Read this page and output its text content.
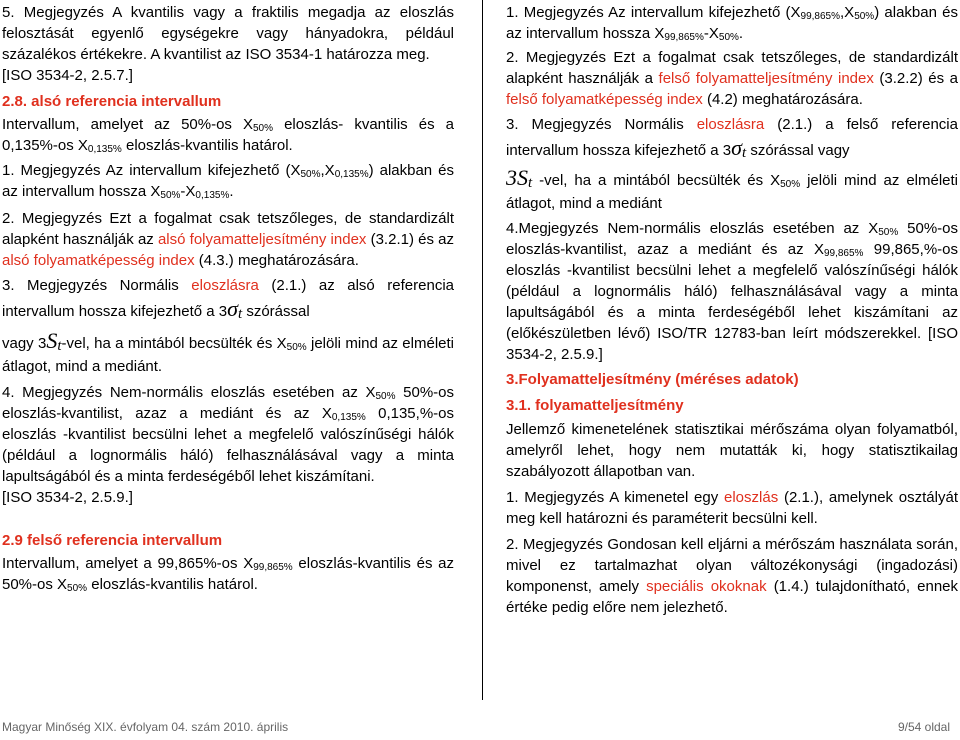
5. Megjegyzés A kvantilis vagy a fraktilis megadja az eloszlás felosztását egyenlő egységekre vagy hányadokra, például százalékos értékekre. A kvantilist az ISO 3534-1 határozza meg.

[ISO 3534-2, 2.5.7.]

2.8. alsó referencia intervallum

Intervallum, amelyet az 50%-os $X_{50\%}$ eloszlás- kvantilis és a 0,135%-os $X_{0,135\%}$ eloszlás-kvantilis határol.

1. Megjegyzés Az intervallum kifejezhető $(X_{50\%},X_{0,135\%})$ alakban és az intervallum hossza $X_{50\%}-X_{0,135\%}$.

2. Megjegyzés Ezt a fogalmat csak tetszőleges, de standardizált alapként használják az alsó folyamatteljesítmény index (3.2.1) és az alsó folyamatképesség index (4.3.) meghatározására.

3. Megjegyzés Normális eloszlásra (2.1.) az alsó referencia intervallum hossza kifejezhető a $3\sigma_t$ szórással

vagy $3S_t$-vel, ha a mintából becsülték és $X_{50\%}$ jelöli mind az elméleti átlagot, mind a mediánt.

4. Megjegyzés Nem-normális eloszlás esetében az $X_{50\%}$ 50%-os eloszlás-kvantilist, azaz a mediánt és az $X_{0,135\%}$ 0,135,%-os eloszlás -kvantilist becsülni lehet a megfelelő valószínűségi hálók (például a lognormális háló) felhasználásával vagy a minta lapultságából és a minta ferdeségéből lehet kiszámítani.

[ISO 3534-2, 2.5.9.]

2.9 felső referencia intervallum

Intervallum, amelyet a 99,865%-os $X_{99,865\%}$ eloszlás-kvantilis és az 50%-os $X_{50\%}$ eloszlás-kvantilis határol.

1. Megjegyzés Az intervallum kifejezhető $(X_{99,865\%},X_{50\%})$ alakban és az intervallum hossza $X_{99,865\%}-X_{50\%}$.

2. Megjegyzés Ezt a fogalmat csak tetszőleges, de standardizált alapként használják a felső folyamatteljesítmény index (3.2.2) és a felső folyamatképesség index (4.2) meghatározására.

3. Megjegyzés Normális eloszlásra (2.1.) a felső referencia intervallum hossza kifejezhető a $3\sigma_t$ szórással vagy

$3S_t$ -vel, ha a mintából becsülték és $X_{50\%}$ jelöli mind az elméleti átlagot, mind a mediánt

4.Megjegyzés Nem-normális eloszlás esetében az $X_{50\%}$ 50%-os eloszlás-kvantilist, azaz a mediánt és az $X_{99,865\%}$ 99,865,%-os eloszlás -kvantilist becsülni lehet a megfelelő valószínűségi hálók (például a lognormális háló) felhasználásával vagy a minta lapultságából és a minta ferdeségéből lehet kiszámítani az (előkészületben lévő) ISO/TR 12783-ban leírt módszerekkel. [ISO 3534-2, 2.5.9.]

3.Folyamatteljesítmény (méréses adatok)

3.1. folyamatteljesítmény

Jellemző kimenetelének statisztikai mérőszáma olyan folyamatból, amelyről lehet, hogy nem mutatták ki, hogy statisztikailag szabályozott állapotban van.

1. Megjegyzés A kimenetel egy eloszlás (2.1.), amelynek osztályát meg kell határozni és paraméterit becsülni kell.

2. Megjegyzés Gondosan kell eljárni a mérőszám használata során, mivel ez tartalmazhat olyan változékonysági (ingadozási) komponenst, amely speciális okoknak (1.4.) tulajdonítható, ennek értéke pedig előre nem jelezhető.

Magyar Minőség XIX. évfolyam 04. szám 2010. április	9/54 oldal
